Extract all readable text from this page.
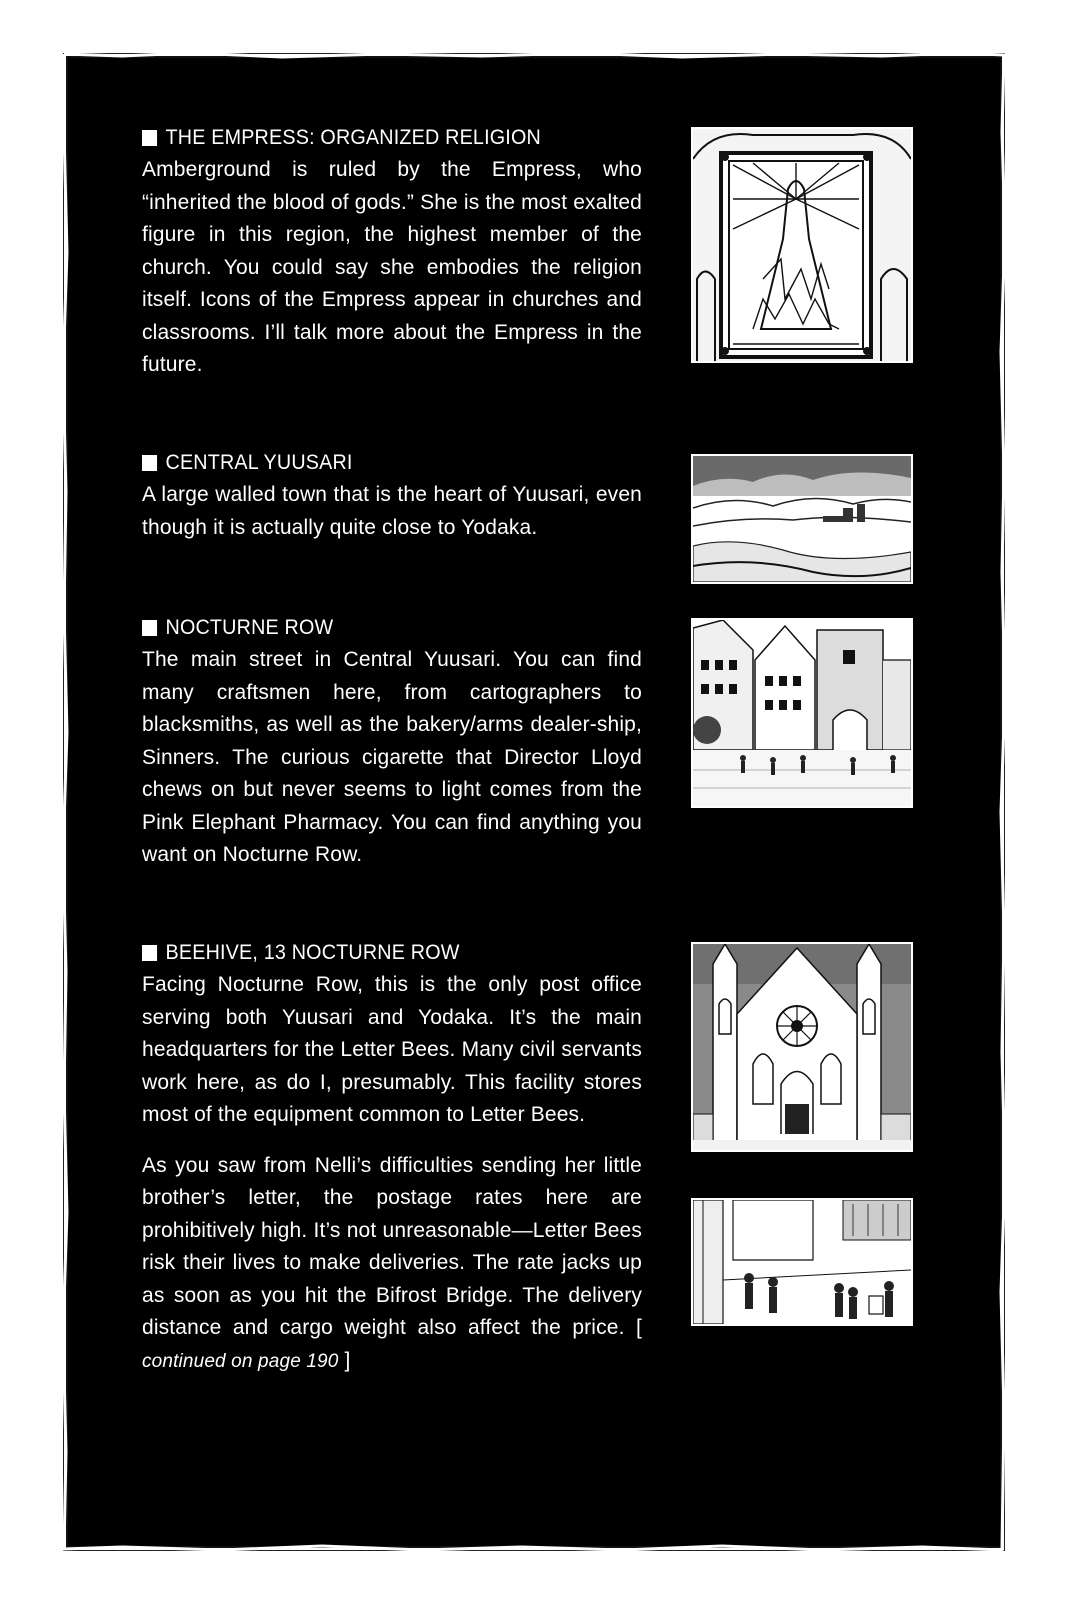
THE EMPRESS: ORGANIZED RELIGION

Amberground is ruled by the Empress, who “inherited the blood of gods.” She is the most exalted figure in this region, the highest member of the church. You could say she embodies the religion itself. Icons of the Empress appear in churches and classrooms. I’ll talk more about the Empress in the future.

CENTRAL YUUSARI

A large walled town that is the heart of Yuusari, even though it is actually quite close to Yodaka.

NOCTURNE ROW

The main street in Central Yuusari. You can find many craftsmen here, from cartographers to blacksmiths, as well as the bakery/arms dealer-ship, Sinners. The curious cigarette that Director Lloyd chews on but never seems to light comes from the Pink Elephant Pharmacy. You can find anything you want on Nocturne Row.

BEEHIVE, 13 NOCTURNE ROW

Facing Nocturne Row, this is the only post office serving both Yuusari and Yodaka. It’s the main headquarters for the Letter Bees. Many civil servants work here, as do I, presumably. This facility stores most of the equipment common to Letter Bees.

As you saw from Nelli’s difficulties sending her little brother’s letter, the postage rates here are prohibitively high. It’s not unreasonable—Letter Bees risk their lives to make deliveries. The rate jacks up as soon as you hit the Bifrost Bridge. The delivery distance and cargo weight also affect the price. [ continued on page 190 ]
